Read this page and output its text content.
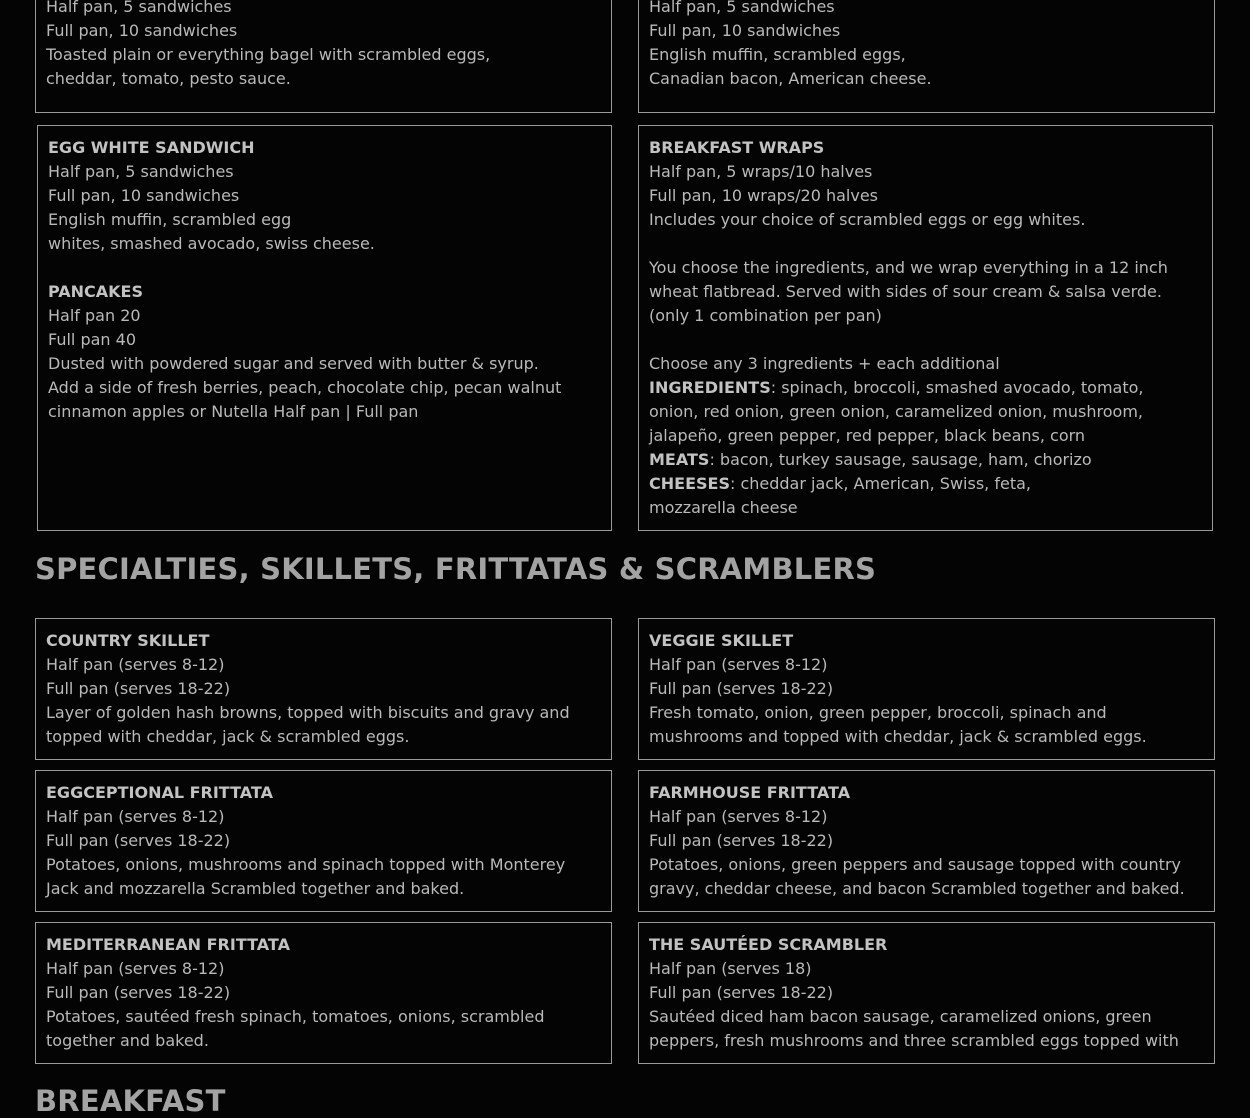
Half pan, 5 sandwiches
Full pan, 10 sandwiches
Toasted plain or everything bagel with scrambled eggs,
cheddar, tomato, pesto sauce.
Half pan, 5 sandwiches
Full pan, 10 sandwiches
English muffin, scrambled eggs,
Canadian bacon, American cheese.
EGG WHITE SANDWICH
Half pan, 5 sandwiches
Full pan, 10 sandwiches
English muffin, scrambled egg
whites, smashed avocado, swiss cheese.
PANCAKES
Half pan 20
Full pan 40
Dusted with powdered sugar and served with butter & syrup.
Add a side of fresh berries, peach, chocolate chip, pecan walnut
cinnamon apples or Nutella Half pan | Full pan
BREAKFAST WRAPS
Half pan, 5 wraps/10 halves
Full pan, 10 wraps/20 halves
Includes your choice of scrambled eggs or egg whites.
You choose the ingredients, and we wrap everything in a 12 inch
wheat flatbread. Served with sides of sour cream & salsa verde.
(only 1 combination per pan)
Choose any 3 ingredients + each additional
INGREDIENTS: spinach, broccoli, smashed avocado, tomato,
onion, red onion, green onion, caramelized onion, mushroom,
jalapeño, green pepper, red pepper, black beans, corn
MEATS: bacon, turkey sausage, sausage, ham, chorizo
CHEESES: cheddar jack, American, Swiss, feta,
mozzarella cheese
SPECIALTIES, SKILLETS, FRITTATAS & SCRAMBLERS
COUNTRY SKILLET
Half pan (serves 8-12)
Full pan (serves 18-22)
Layer of golden hash browns, topped with biscuits and gravy and
topped with cheddar, jack & scrambled eggs.
VEGGIE SKILLET
Half pan (serves 8-12)
Full pan (serves 18-22)
Fresh tomato, onion, green pepper, broccoli, spinach and
mushrooms and topped with cheddar, jack & scrambled eggs.
EGGCEPTIONAL FRITTATA
Half pan (serves 8-12)
Full pan (serves 18-22)
Potatoes, onions, mushrooms and spinach topped with Monterey
Jack and mozzarella Scrambled together and baked.
FARMHOUSE FRITTATA
Half pan (serves 8-12)
Full pan (serves 18-22)
Potatoes, onions, green peppers and sausage topped with country
gravy, cheddar cheese, and bacon Scrambled together and baked.
MEDITERRANEAN FRITTATA
Half pan (serves 8-12)
Full pan (serves 18-22)
Potatoes, sautéed fresh spinach, tomatoes, onions, scrambled
together and baked.
THE SAUTÉED SCRAMBLER
Half pan (serves 18)
Full pan (serves 18-22)
Sautéed diced ham bacon sausage, caramelized onions, green
peppers, fresh mushrooms and three scrambled eggs topped with
BREAKFAST
